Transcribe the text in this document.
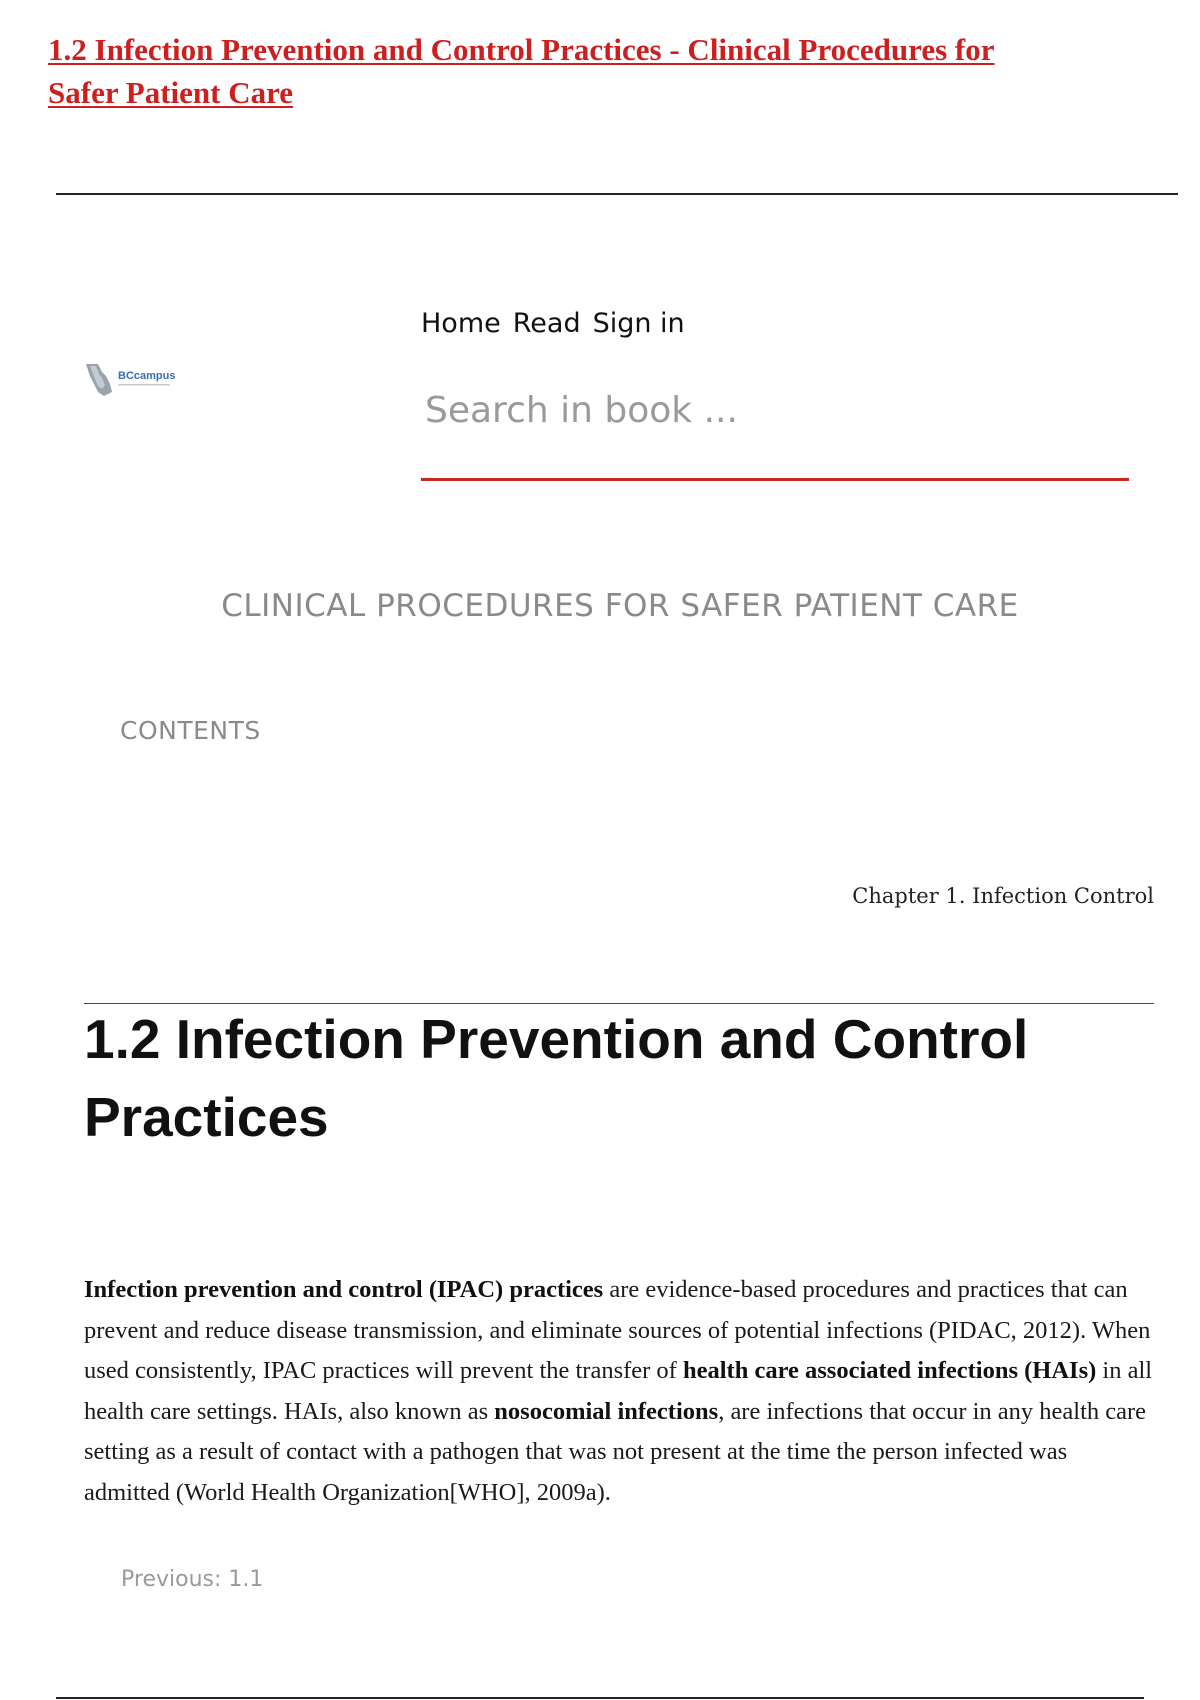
1.2 Infection Prevention and Control Practices - Clinical Procedures for

Safer Patient Care
BCcampus
Home Read Sign in
Search in book ...
CLINICAL PROCEDURES FOR SAFER PATIENT CARE
CONTENTS
Chapter 1. Infection Control
1.2 Infection Prevention and Control
Practices

Infection prevention and control (IPAC) practices are evidence-based procedures and practices that can prevent and reduce disease transmission, and eliminate sources of potential infections (PIDAC, 2012). When used consistently, IPAC practices will prevent the transfer of health care associated infections (HAIs) in all health care settings. HAIs, also known as nosocomial infections, are infections that occur in any health care setting as a result of contact with a pathogen that was not present at the time the person infected was admitted (World Health Organization[WHO], 2009a).

Previous: 1.1
